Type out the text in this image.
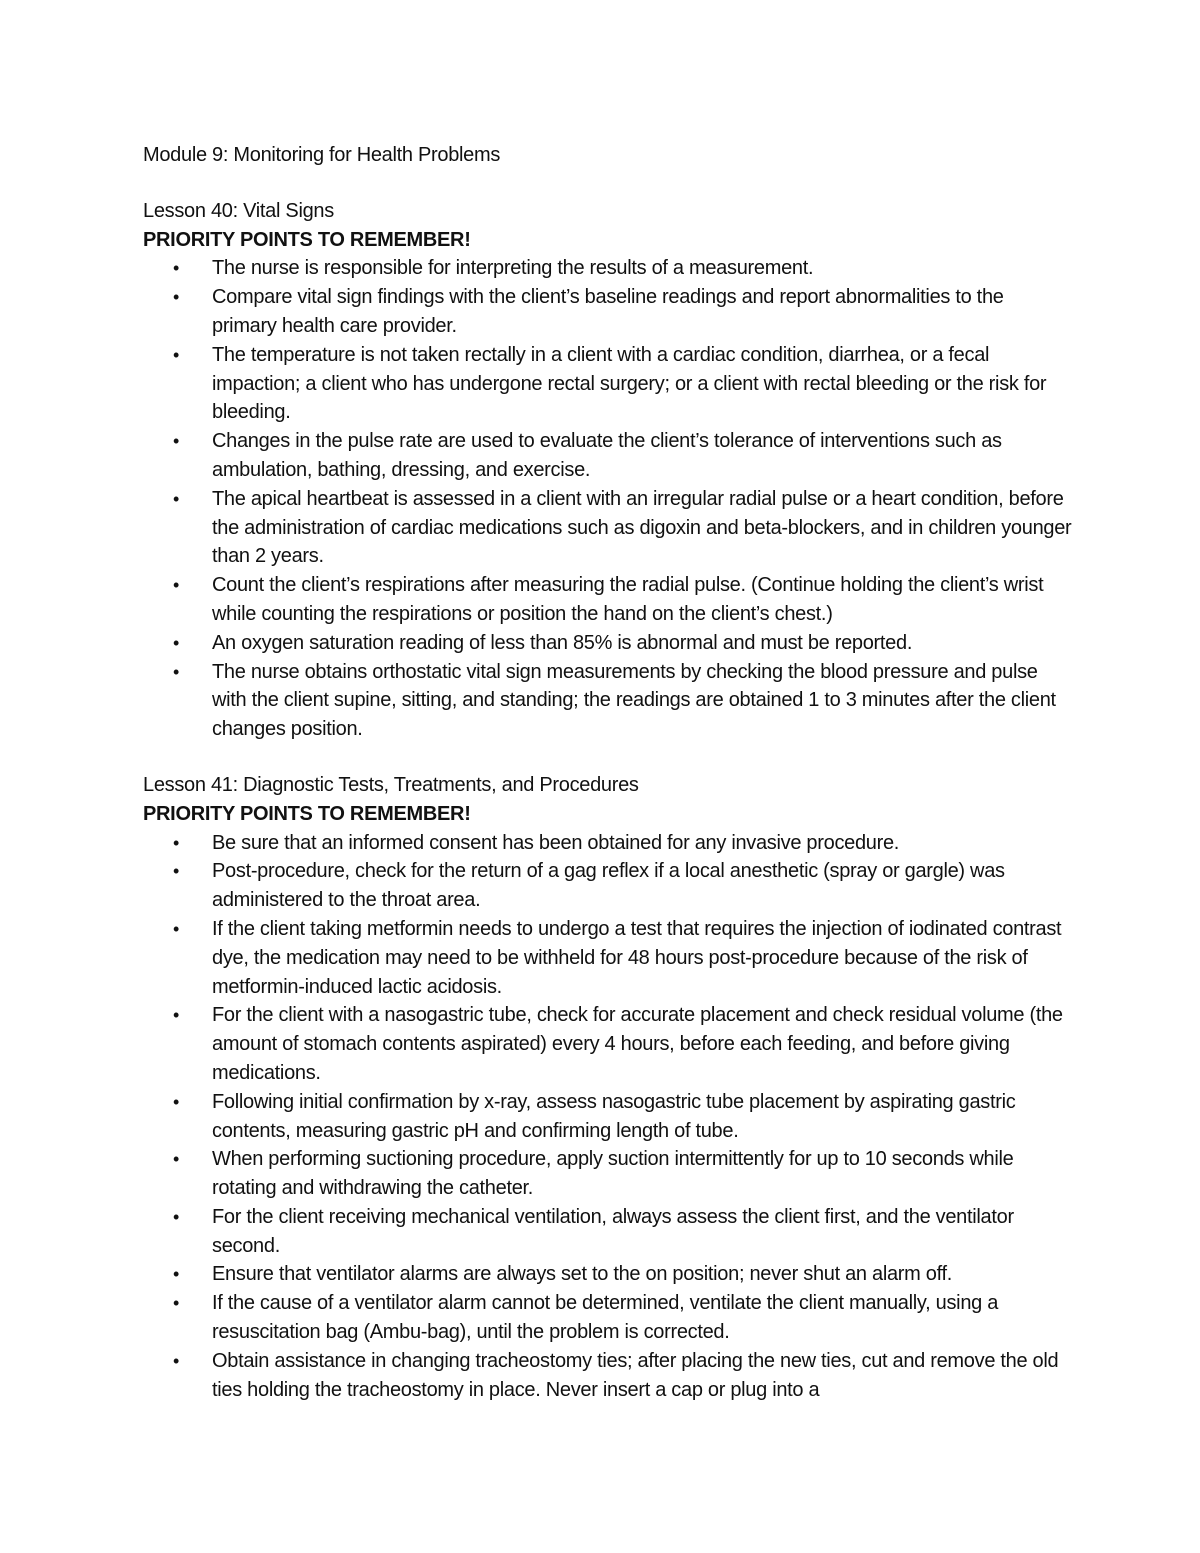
Module 9: Monitoring for Health Problems

Lesson 40: Vital Signs

PRIORITY POINTS TO REMEMBER!

• The nurse is responsible for interpreting the results of a measurement.
• Compare vital sign findings with the client’s baseline readings and report abnormalities to the primary health care provider.
• The temperature is not taken rectally in a client with a cardiac condition, diarrhea, or a fecal impaction; a client who has undergone rectal surgery; or a client with rectal bleeding or the risk for bleeding.
• Changes in the pulse rate are used to evaluate the client’s tolerance of interventions such as ambulation, bathing, dressing, and exercise.
• The apical heartbeat is assessed in a client with an irregular radial pulse or a heart condition, before the administration of cardiac medications such as digoxin and beta-blockers, and in children younger than 2 years.
• Count the client’s respirations after measuring the radial pulse. (Continue holding the client’s wrist while counting the respirations or position the hand on the client’s chest.)
• An oxygen saturation reading of less than 85% is abnormal and must be reported.
• The nurse obtains orthostatic vital sign measurements by checking the blood pressure and pulse with the client supine, sitting, and standing; the readings are obtained 1 to 3 minutes after the client changes position.

Lesson 41: Diagnostic Tests, Treatments, and Procedures

PRIORITY POINTS TO REMEMBER!

• Be sure that an informed consent has been obtained for any invasive procedure.
• Post-procedure, check for the return of a gag reflex if a local anesthetic (spray or gargle) was administered to the throat area.
• If the client taking metformin needs to undergo a test that requires the injection of iodinated contrast dye, the medication may need to be withheld for 48 hours post-procedure because of the risk of metformin-induced lactic acidosis.
• For the client with a nasogastric tube, check for accurate placement and check residual volume (the amount of stomach contents aspirated) every 4 hours, before each feeding, and before giving medications.
• Following initial confirmation by x-ray, assess nasogastric tube placement by aspirating gastric contents, measuring gastric pH and confirming length of tube.
• When performing suctioning procedure, apply suction intermittently for up to 10 seconds while rotating and withdrawing the catheter.
• For the client receiving mechanical ventilation, always assess the client first, and the ventilator second.
• Ensure that ventilator alarms are always set to the on position; never shut an alarm off.
• If the cause of a ventilator alarm cannot be determined, ventilate the client manually, using a resuscitation bag (Ambu-bag), until the problem is corrected.
• Obtain assistance in changing tracheostomy ties; after placing the new ties, cut and remove the old ties holding the tracheostomy in place. Never insert a cap or plug into a
